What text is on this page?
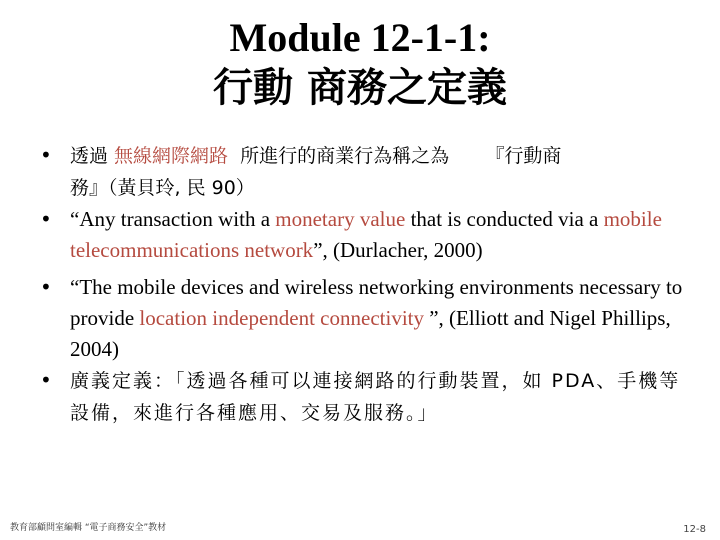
Module 12-1-1:
行動 商務之定義
• 透過 無線網際網路  所進行的商業行為稱之為      『行動商
務』（黃貝玲, 民 90）
• “Any transaction with a monetary value that is conducted via a mobile telecommunications network”, (Durlacher, 2000)
• “The mobile devices and wireless networking environments necessary to provide location independent connectivity ”, (Elliott and Nigel Phillips, 2004)
• 廣義定義：「透過各種可以連接網路的行動裝置，如 PDA、手機等設備，來進行各種應用、交易及服務。」
教育部顧問室編輯 “電子商務安全”教材	12-8
